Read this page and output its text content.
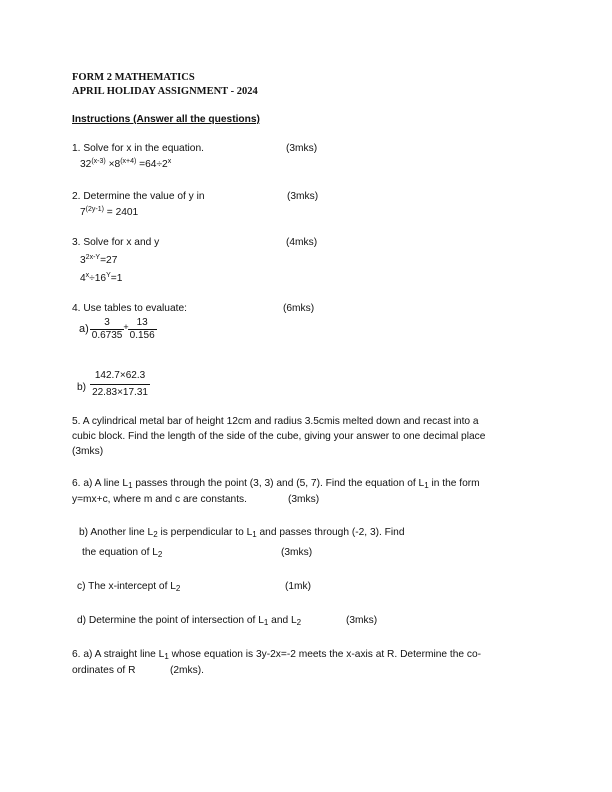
FORM 2 MATHEMATICS
APRIL HOLIDAY ASSIGNMENT - 2024
Instructions (Answer all the questions)
1. Solve for x in the equation.	(3mks)
$32^{(x-3)} \times 8^{(x+4)} =64\div 2^x$
2. Determine the value of y in	(3mks)
$7^{(2y-1)} = 2401$
3. Solve for x and y	(4mks)
$3^{2x-Y}=27$
$4^x\div 16^Y=1$
4. Use tables to evaluate:	(6mks)
$a) \frac{3}{0.6735} + \frac{13}{0.156}$
$b) \frac{142.7\times 62.3}{22.83\times 17.31}$
5. A cylindrical metal bar of height 12cm and radius 3.5cmis melted down and recast into a
cubic block. Find the length of the side of the cube, giving your answer to one decimal place
(3mks)
6. a) A line $L_1$ passes through the point (3, 3) and (5, 7). Find the equation of $L_1$ in the form
y=mx+c, where m and c are constants.	(3mks)
b) Another line $L_2$ is perpendicular to $L_1$ and passes through (-2, 3). Find
the equation of $L_2$	(3mks)
c) The x-intercept of $L_2$	(1mk)
d) Determine the point of intersection of $L_1$ and $L_2$	(3mks)
6. a) A straight line $L_1$ whose equation is 3y-2x=-2 meets the x-axis at R. Determine the co-
ordinates of R	(2mks).
